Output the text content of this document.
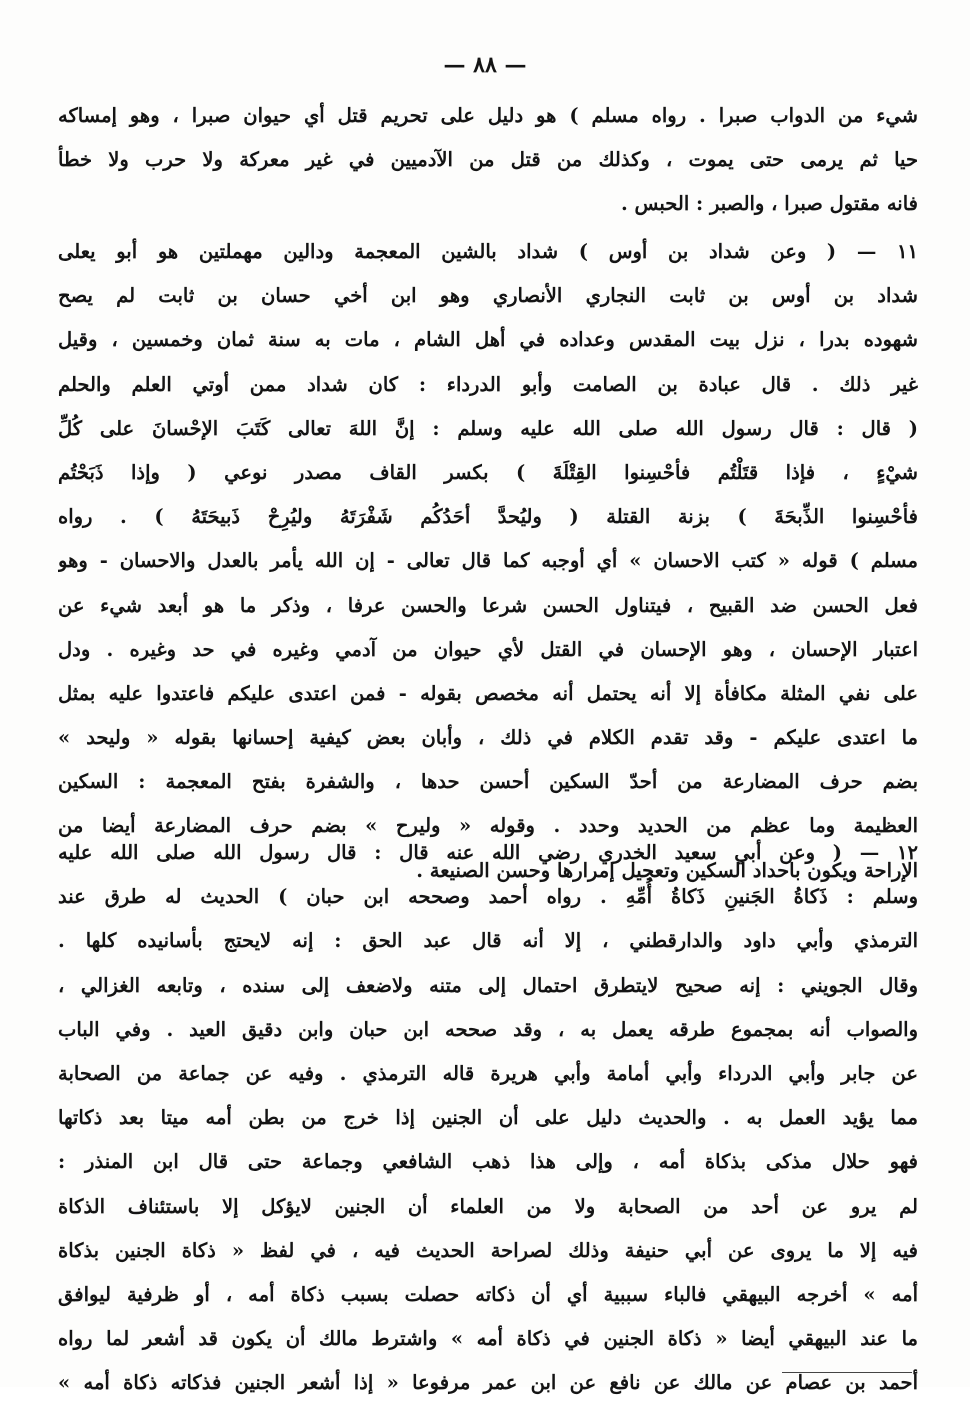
— ٨٨ —
شيء من الدواب صبرا . رواه مسلم ) هو دليل على تحريم قتل أي حيوان صبرا ، وهو إمساكه
حيا ثم يرمى حتى يموت ، وكذلك من قتل من الآدميين في غير معركة ولا حرب ولا خطأ
فانه مقتول صبرا ، والصبر : الحبس .
١١ — ( وعن شداد بن أوس ) شداد بالشين المعجمة ودالين مهملتين هو أبو يعلى
شداد بن أوس بن ثابت النجاري الأنصاري وهو ابن أخي حسان بن ثابت لم يصح
شهوده بدرا ، نزل بيت المقدس وعداده في أهل الشام ، مات به سنة ثمان وخمسين ، وقيل
غير ذلك . قال عبادة بن الصامت وأبو الدرداء : كان شداد ممن أوتي العلم والحلم
( قال : قال رسول الله صلى الله عليه وسلم : إنَّ اللهَ تعالى كَتَبَ الإحْسانَ على كُلِّ
شيْءٍ ، فإذا قتَلْتُم فأحْسِنوا القِتْلَةَ ) بكسر القاف مصدر نوعي ( وإذا ذَبَحْتُم
فأحْسِنوا الذِّبحَةَ ) بزنة القتلة ( وليُحدَّ أحَدُكُم شَفْرَتَهُ وليُرِحْ ذَبيحَتَهُ ) . رواه
مسلم ) قوله « كتب الاحسان » أي أوجبه كما قال تعالى - إن الله يأمر بالعدل والاحسان - وهو
فعل الحسن ضد القبيح ، فيتناول الحسن شرعا والحسن عرفا ، وذكر ما هو أبعد شيء عن
اعتبار الإحسان ، وهو الإحسان في القتل لأي حيوان من آدمي وغيره في حد وغيره . ودل
على نفي المثلة مكافأة إلا أنه يحتمل أنه مخصص بقوله - فمن اعتدى عليكم فاعتدوا عليه بمثل
ما اعتدى عليكم - وقد تقدم الكلام في ذلك ، وأبان بعض كيفية إحسانها بقوله « وليحد »
بضم حرف المضارعة من أحدّ السكين أحسن حدها ، والشفرة بفتح المعجمة : السكين
العظيمة وما عظم من الحديد وحدد . وقوله « وليرح » بضم حرف المضارعة أيضا من
الإراحة ويكون باحداد السكين وتعجيل إمرارها وحسن الصنيعة .
١٢ — ( وعن أبي سعيد الخدري رضي الله عنه قال : قال رسول الله صلى الله عليه
وسلم : ذَكاةُ الجَنينِ ذَكاةُ أُمِّهِ . رواه أحمد وصححه ابن حبان ) الحديث له طرق عند
الترمذي وأبي داود والدارقطني ، إلا أنه قال عبد الحق : إنه لايحتج بأسانيده كلها .
وقال الجويني : إنه صحيح لايتطرق احتمال إلى متنه ولاضعف إلى سنده ، وتابعه الغزالي ،
والصواب أنه بمجموع طرقه يعمل به ، وقد صححه ابن حبان وابن دقيق العيد . وفي الباب
عن جابر وأبي الدرداء وأبي أمامة وأبي هريرة قاله الترمذي . وفيه عن جماعة من الصحابة
مما يؤيد العمل به . والحديث دليل على أن الجنين إذا خرج من بطن أمه ميتا بعد ذكاتها
فهو حلال مذكى بذكاة أمه ، وإلى هذا ذهب الشافعي وجماعة حتى قال ابن المنذر :
لم يرو عن أحد من الصحابة ولا من العلماء أن الجنين لايؤكل إلا باستئناف الذكاة
فيه إلا ما يروى عن أبي حنيفة وذلك لصراحة الحديث فيه ، في لفظ « ذكاة الجنين بذكاة
أمه » أخرجه البيهقي فالباء سببية أي أن ذكاته حصلت بسبب ذكاة أمه ، أو ظرفية ليوافق
ما عند البيهقي أيضا « ذكاة الجنين في ذكاة أمه » واشترط مالك أن يكون قد أشعر لما رواه
أحمد بن عصام عن مالك عن نافع عن ابن عمر مرفوعا « إذا أشعر الجنين فذكاته ذكاة أمه »
